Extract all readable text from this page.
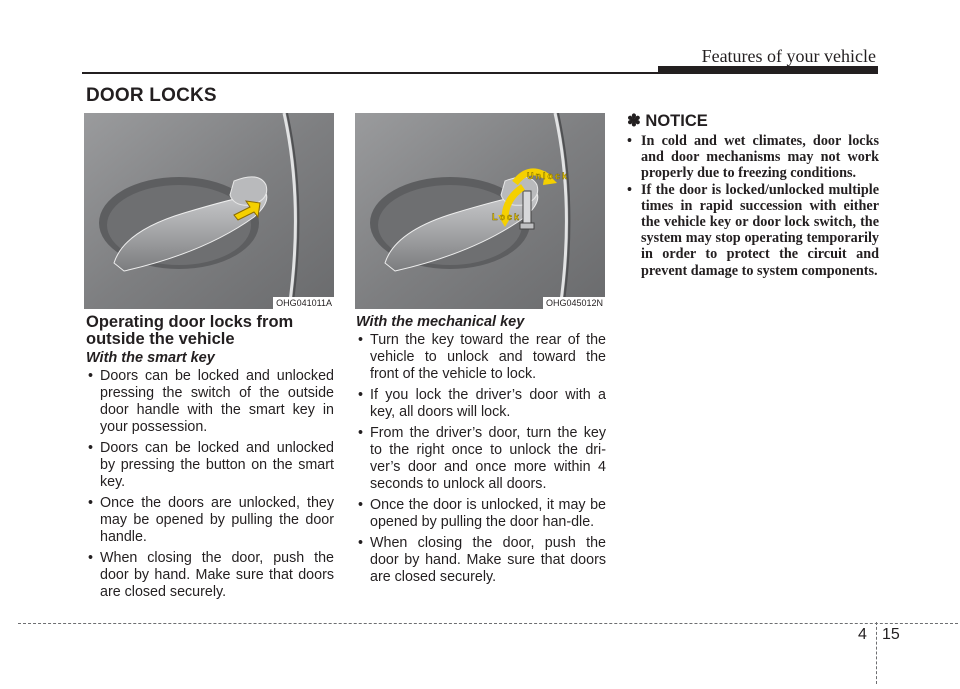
Features of your vehicle
DOOR LOCKS
OHG041011A
Unlock
Lock
OHG045012N
Operating door locks from outside the vehicle
With the smart key
• Doors can be locked and unlocked pressing the switch of the outside door handle with the smart key in your possession.
• Doors can be locked and unlocked by pressing the button on the smart key.
• Once the doors are unlocked, they may be opened by pulling the door handle.
• When closing the door, push the door by hand. Make sure that doors are closed securely.
With the mechanical key
• Turn the key toward the rear of the vehicle to unlock and toward the front of the vehicle to lock.
• If you lock the driver’s door with a key, all doors will lock.
• From the driver’s door, turn the key to the right once to unlock the dri-ver’s door and once more within 4 seconds to unlock all doors.
• Once the door is unlocked, it may be opened by pulling the door han-dle.
• When closing the door, push the door by hand. Make sure that doors are closed securely.
✽ NOTICE
• In cold and wet climates, door locks and door mechanisms may not work properly due to freezing conditions.
• If the door is locked/unlocked multiple times in rapid succession with either the vehicle key or door lock switch, the system may stop operating temporarily in order to protect the circuit and prevent damage to system components.
4 15
